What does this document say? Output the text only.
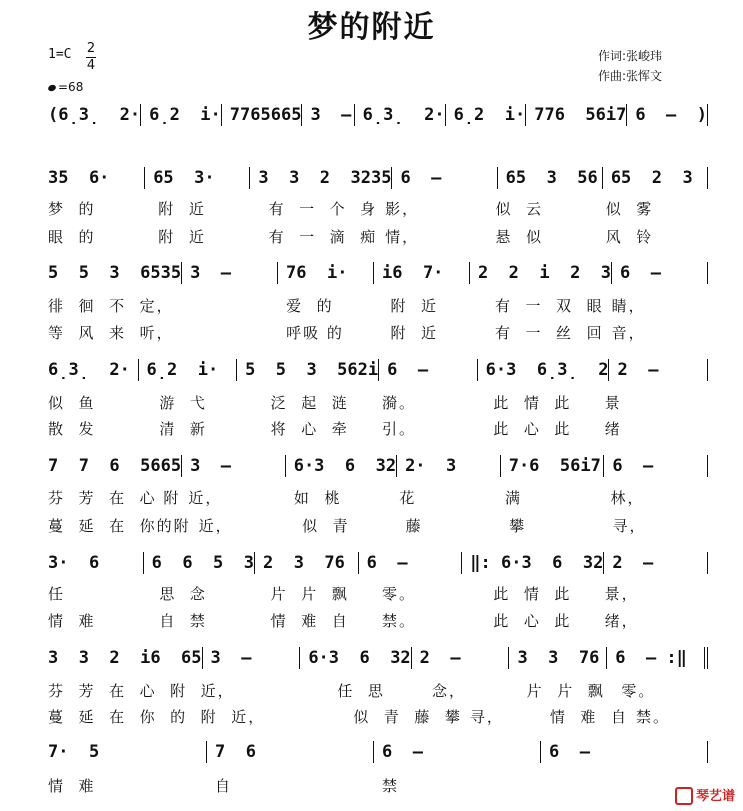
梦的附近
1=C 2
4
=68
作词:张峻玮
作曲:张恽文
(6̣3̣  2· 6̣2  i· 7765665 3  – 6̣3̣  2· 6̣2  i· 776  56i7 6  –  )
35  6·	65  3·	3  3  2  3235 6  –	65  3  56 65  2  3
梦  的	附  近	有  一  个  身 影，	似  云	似  雾
眼  的	附  近	有  一  滴  痴 情，	悬  似	风  铃
5  5  3  6535 3  –	76  i·	i6  7·	2  2  i  2  3 6  –
徘  徊  不  定，	爱  的	附  近	有  一  双  眼 睛，
等  风  来  听，	呼吸 的	附  近	有  一  丝  回 音，
6̣3̣  2· 6̣2  i·	5  5  3  562i 6  –	6·3  6̣3̣  2 2  –
似  鱼	游  弋	泛  起  涟	漪。	此  情  此	景
散  发	清  新	将  心  牵	引。	此  心  此	绪
7  7  6  5665 3  –	6·3  6  32 2·  3	7·6  56i7 6  –
芬  芳  在  心 附 近，	如  桃	花	满	林，
蔓  延  在  你的附 近，	似  青	藤	攀	寻，
3·  6	6  6  5  3 2  3  76	6  –	‖: 6·3  6  32 2  –
任	思  念	片  片  飘	零。	此  情  此	景，
情  难	自  禁	情  难  自	禁。	此  心  此	绪，
3  3  2  i6  65 3  –	6·3  6  32 2  –	3  3  76 6  – :‖
芬  芳  在  心  附  近，	任  思	念，	片  片  飘	零。
蔓  延  在  你  的  附  近，	似  青  藤  攀 寻，	情  难  自 禁。
7·  5	7  6	6  –	6  –
情  难	自	禁
琴艺谱
